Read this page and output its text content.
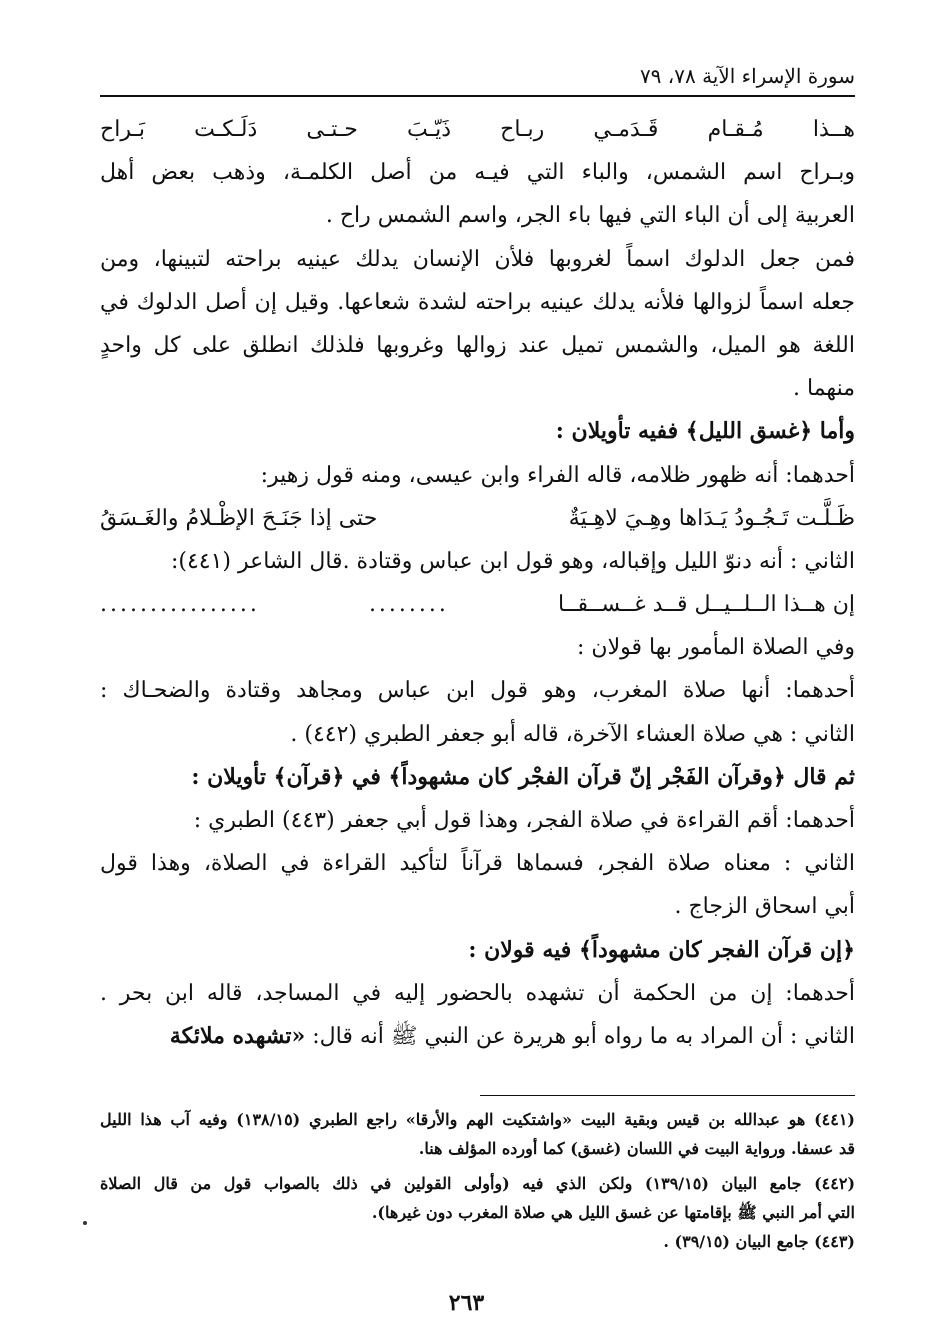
سورة الإسراء الآية ٧٨، ٧٩
هــذا مُـقـام قَـدَمـي ربـاح ذَيّـبَ حـتـى دَلَـكـت بَـراح
وبـراح اسم الشمس، والباء التي فيـه من أصل الكلمـة، وذهب بعض أهل
العربية إلى أن الباء التي فيها باء الجر، واسم الشمس راح .
فمن جعل الدلوك اسماً لغروبها فلأن الإنسان يدلك عينيه براحته لتبينها، ومن
جعله اسماً لزوالها فلأنه يدلك عينيه براحته لشدة شعاعها. وقيل إن أصل الدلوك في
اللغة هو الميل، والشمس تميل عند زوالها وغروبها فلذلك انطلق على كل واحدٍ
منهما .
وأما ﴿غسق الليل﴾ ففيه تأويلان :
أحدهما: أنه ظهور ظلامه، قاله الفراء وابن عيسى، ومنه قول زهير:
ظَـلَّـت تَـجُـودُ يَـدَاها وهِـيَ لاهِـيَةٌ
حتى إذا جَنَـحَ الإظْـلامُ والغَـسَقُ
الثاني : أنه دنوّ الليل وإقباله، وهو قول ابن عباس وقتادة .قال الشاعر (٤٤١):
إن هــذا الــلــيــل قــد غــســقــا
........
................
وفي الصلاة المأمور بها قولان :
أحدهما: أنها صلاة المغرب، وهو قول ابن عباس ومجاهد وقتادة والضحـاك :
الثاني : هي صلاة العشاء الآخرة، قاله أبو جعفر الطبري (٤٤٢) .
ثم قال ﴿وقرآن الفَجْر إنّ قرآن الفجْر كان مشهوداً﴾ في ﴿قرآن﴾ تأويلان :
أحدهما: أقم القراءة في صلاة الفجر، وهذا قول أبي جعفر (٤٤٣) الطبري :
الثاني : معناه صلاة الفجر، فسماها قرآناً لتأكيد القراءة في الصلاة، وهذا قول
أبي اسحاق الزجاج .
﴿إن قرآن الفجر كان مشهوداً﴾ فيه قولان :
أحدهما: إن من الحكمة أن تشهده بالحضور إليه في المساجد، قاله ابن بحر .
الثاني : أن المراد به ما رواه أبو هريرة عن النبي ﷺ أنه قال: «تشهده ملائكة
(٤٤١) هو عبدالله بن قيس وبقية البيت «واشتكيت الهم والأرقا» راجع الطبري (١٣٨/١٥) وفيه آب هذا الليل
قد عسفا. ورواية البيت في اللسان (غسق) كما أورده المؤلف هنا.
(٤٤٢) جامع البيان (١٣٩/١٥) ولكن الذي فيه (وأولى القولين في ذلك بالصواب قول من قال الصلاة
التي أمر النبي ﷺ بإقامتها عن غسق الليل هي صلاة المغرب دون غيرها).
(٤٤٣) جامع البيان (٣٩/١٥) .
٢٦٣
